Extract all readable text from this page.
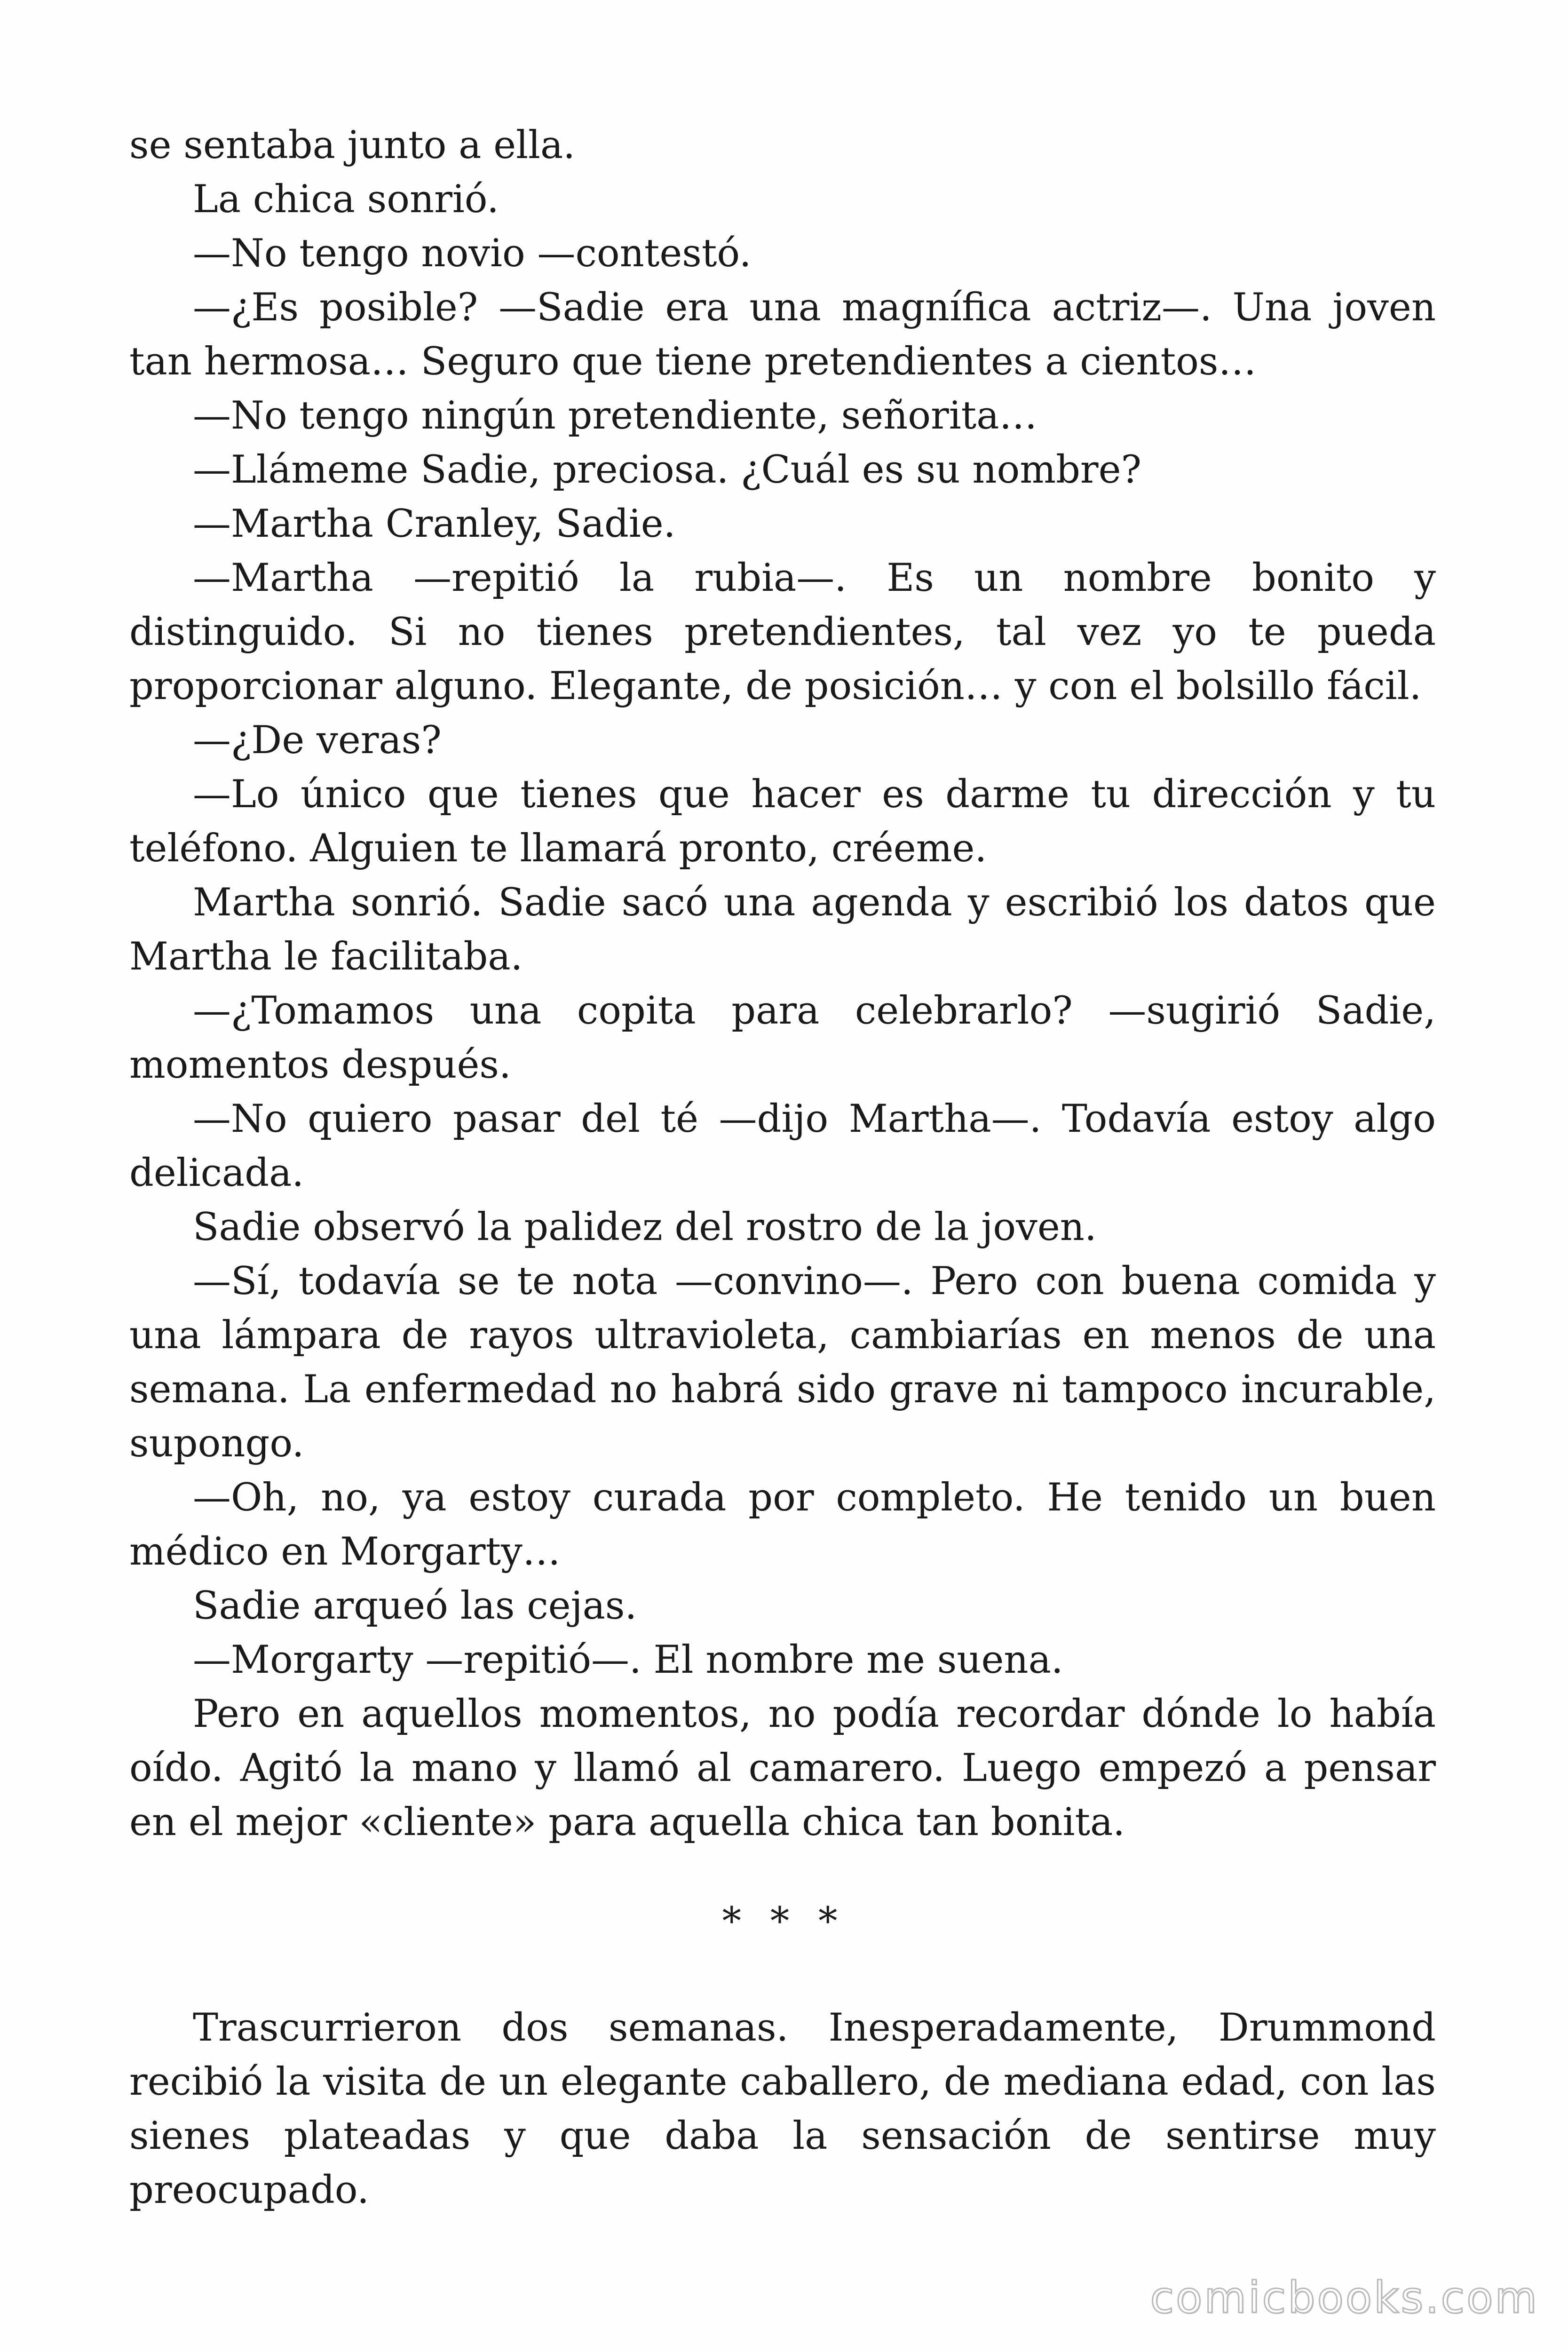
se sentaba junto a ella.

La chica sonrió.

—No tengo novio —contestó.

—¿Es posible? —Sadie era una magnífica actriz—. Una joven tan hermosa… Seguro que tiene pretendientes a cientos…

—No tengo ningún pretendiente, señorita…

—Llámeme Sadie, preciosa. ¿Cuál es su nombre?

—Martha Cranley, Sadie.

—Martha —repitió la rubia—. Es un nombre bonito y distinguido. Si no tienes pretendientes, tal vez yo te pueda proporcionar alguno. Elegante, de posición… y con el bolsillo fácil.

—¿De veras?

—Lo único que tienes que hacer es darme tu dirección y tu teléfono. Alguien te llamará pronto, créeme.

Martha sonrió. Sadie sacó una agenda y escribió los datos que Martha le facilitaba.

—¿Tomamos una copita para celebrarlo? —sugirió Sadie, momentos después.

—No quiero pasar del té —dijo Martha—. Todavía estoy algo delicada.

Sadie observó la palidez del rostro de la joven.

—Sí, todavía se te nota —convino—. Pero con buena comida y una lámpara de rayos ultravioleta, cambiarías en menos de una semana. La enfermedad no habrá sido grave ni tampoco incurable, supongo.

—Oh, no, ya estoy curada por completo. He tenido un buen médico en Morgarty…

Sadie arqueó las cejas.

—Morgarty —repitió—. El nombre me suena.

Pero en aquellos momentos, no podía recordar dónde lo había oído. Agitó la mano y llamó al camarero. Luego empezó a pensar en el mejor «cliente» para aquella chica tan bonita.

* * *

Trascurrieron dos semanas. Inesperadamente, Drummond recibió la visita de un elegante caballero, de mediana edad, con las sienes plateadas y que daba la sensación de sentirse muy preocupado.

comicbooks.com
